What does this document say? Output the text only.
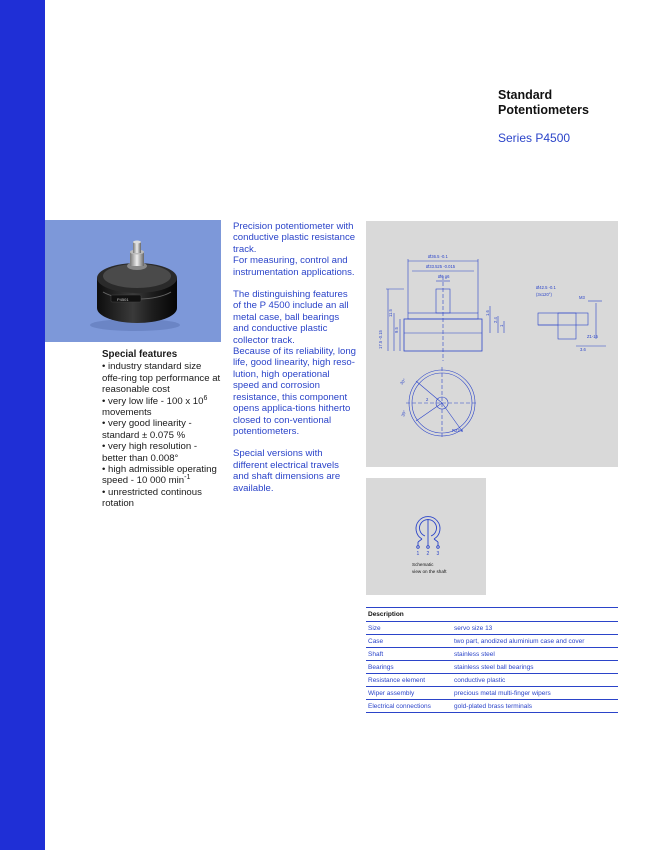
Standard
Potentiometers
Series P4500
P4501
Special features
• industry standard size offe-ring top performance at reasonable cost
• very low life - 100 x $10^6$ movements
• very good linearity - standard ± 0.075 %
• very high resolution - better than 0.008°
• high admissible operating speed - 10 000 $\min^{-1}$
• unrestricted continous rotation

Precision potentiometer with conductive plastic resistance track.
For measuring, control and instrumentation applications.

The distinguishing features of the P 4500 include an all metal case, ball bearings and conductive plastic collector track.
Because of its reliability, long life, good linearity, high reso-lution, high operational speed and corrosion resistance, this component opens applica-tions hitherto closed to con-ventional potentiometers.

Special versions with different electrical travels and shaft dimensions are available.

Ø36.5 -0.1
Ø33.525 -0.015
Ø6 g6
17.5 -0.15
11.5
9.5
1.6
2.4
1
Ø42.5 -0.1
(3x120°)
M3
Z1-15
3.6
R22.6
30°
30°
2
1 2 3
Schematic
view on the shaft
Description	
Size	servo size 13
Case	two part, anodized aluminium case and cover
Shaft	stainless steel
Bearings	stainless steel ball bearings
Resistance element	conductive plastic
Wiper assembly	precious metal multi-finger wipers
Electrical connections	gold-plated brass terminals
